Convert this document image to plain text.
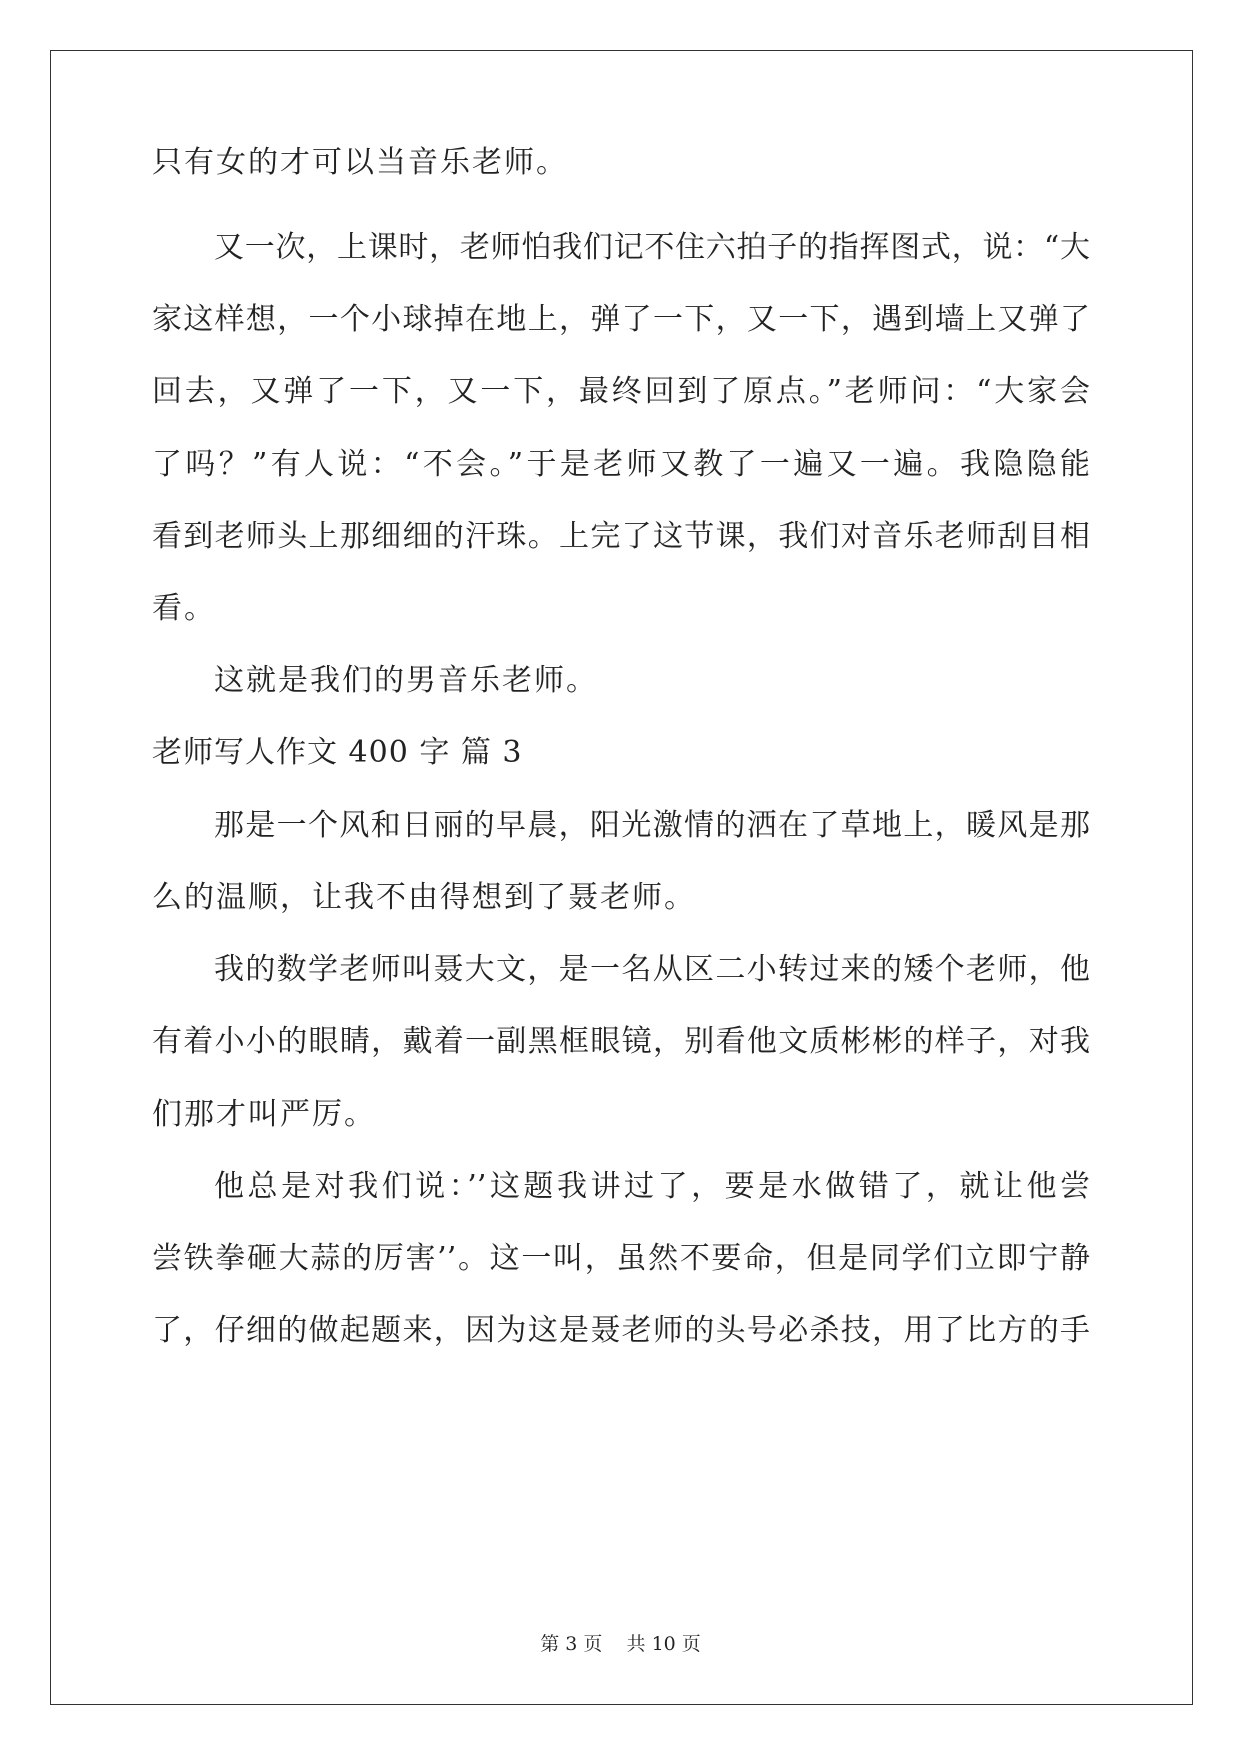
只有女的才可以当音乐老师。
又一次，上课时，老师怕我们记不住六拍子的指挥图式，说：“大
家这样想，一个小球掉在地上，弹了一下，又一下，遇到墙上又弹了
回去，又弹了一下，又一下，最终回到了原点。”老师问：“大家会
了吗？”有人说：“不会。”于是老师又教了一遍又一遍。我隐隐能
看到老师头上那细细的汗珠。上完了这节课，我们对音乐老师刮目相
看。
这就是我们的男音乐老师。
老师写人作文 400 字 篇 3
那是一个风和日丽的早晨，阳光激情的洒在了草地上，暖风是那
么的温顺，让我不由得想到了聂老师。
我的数学老师叫聂大文，是一名从区二小转过来的矮个老师，他
有着小小的眼睛，戴着一副黑框眼镜，别看他文质彬彬的样子，对我
们那才叫严厉。
他总是对我们说：’’这题我讲过了，要是水做错了，就让他尝
尝铁拳砸大蒜的厉害’’。这一叫，虽然不要命，但是同学们立即宁静
了，仔细的做起题来，因为这是聂老师的头号必杀技，用了比方的手
第 3 页    共 10 页
